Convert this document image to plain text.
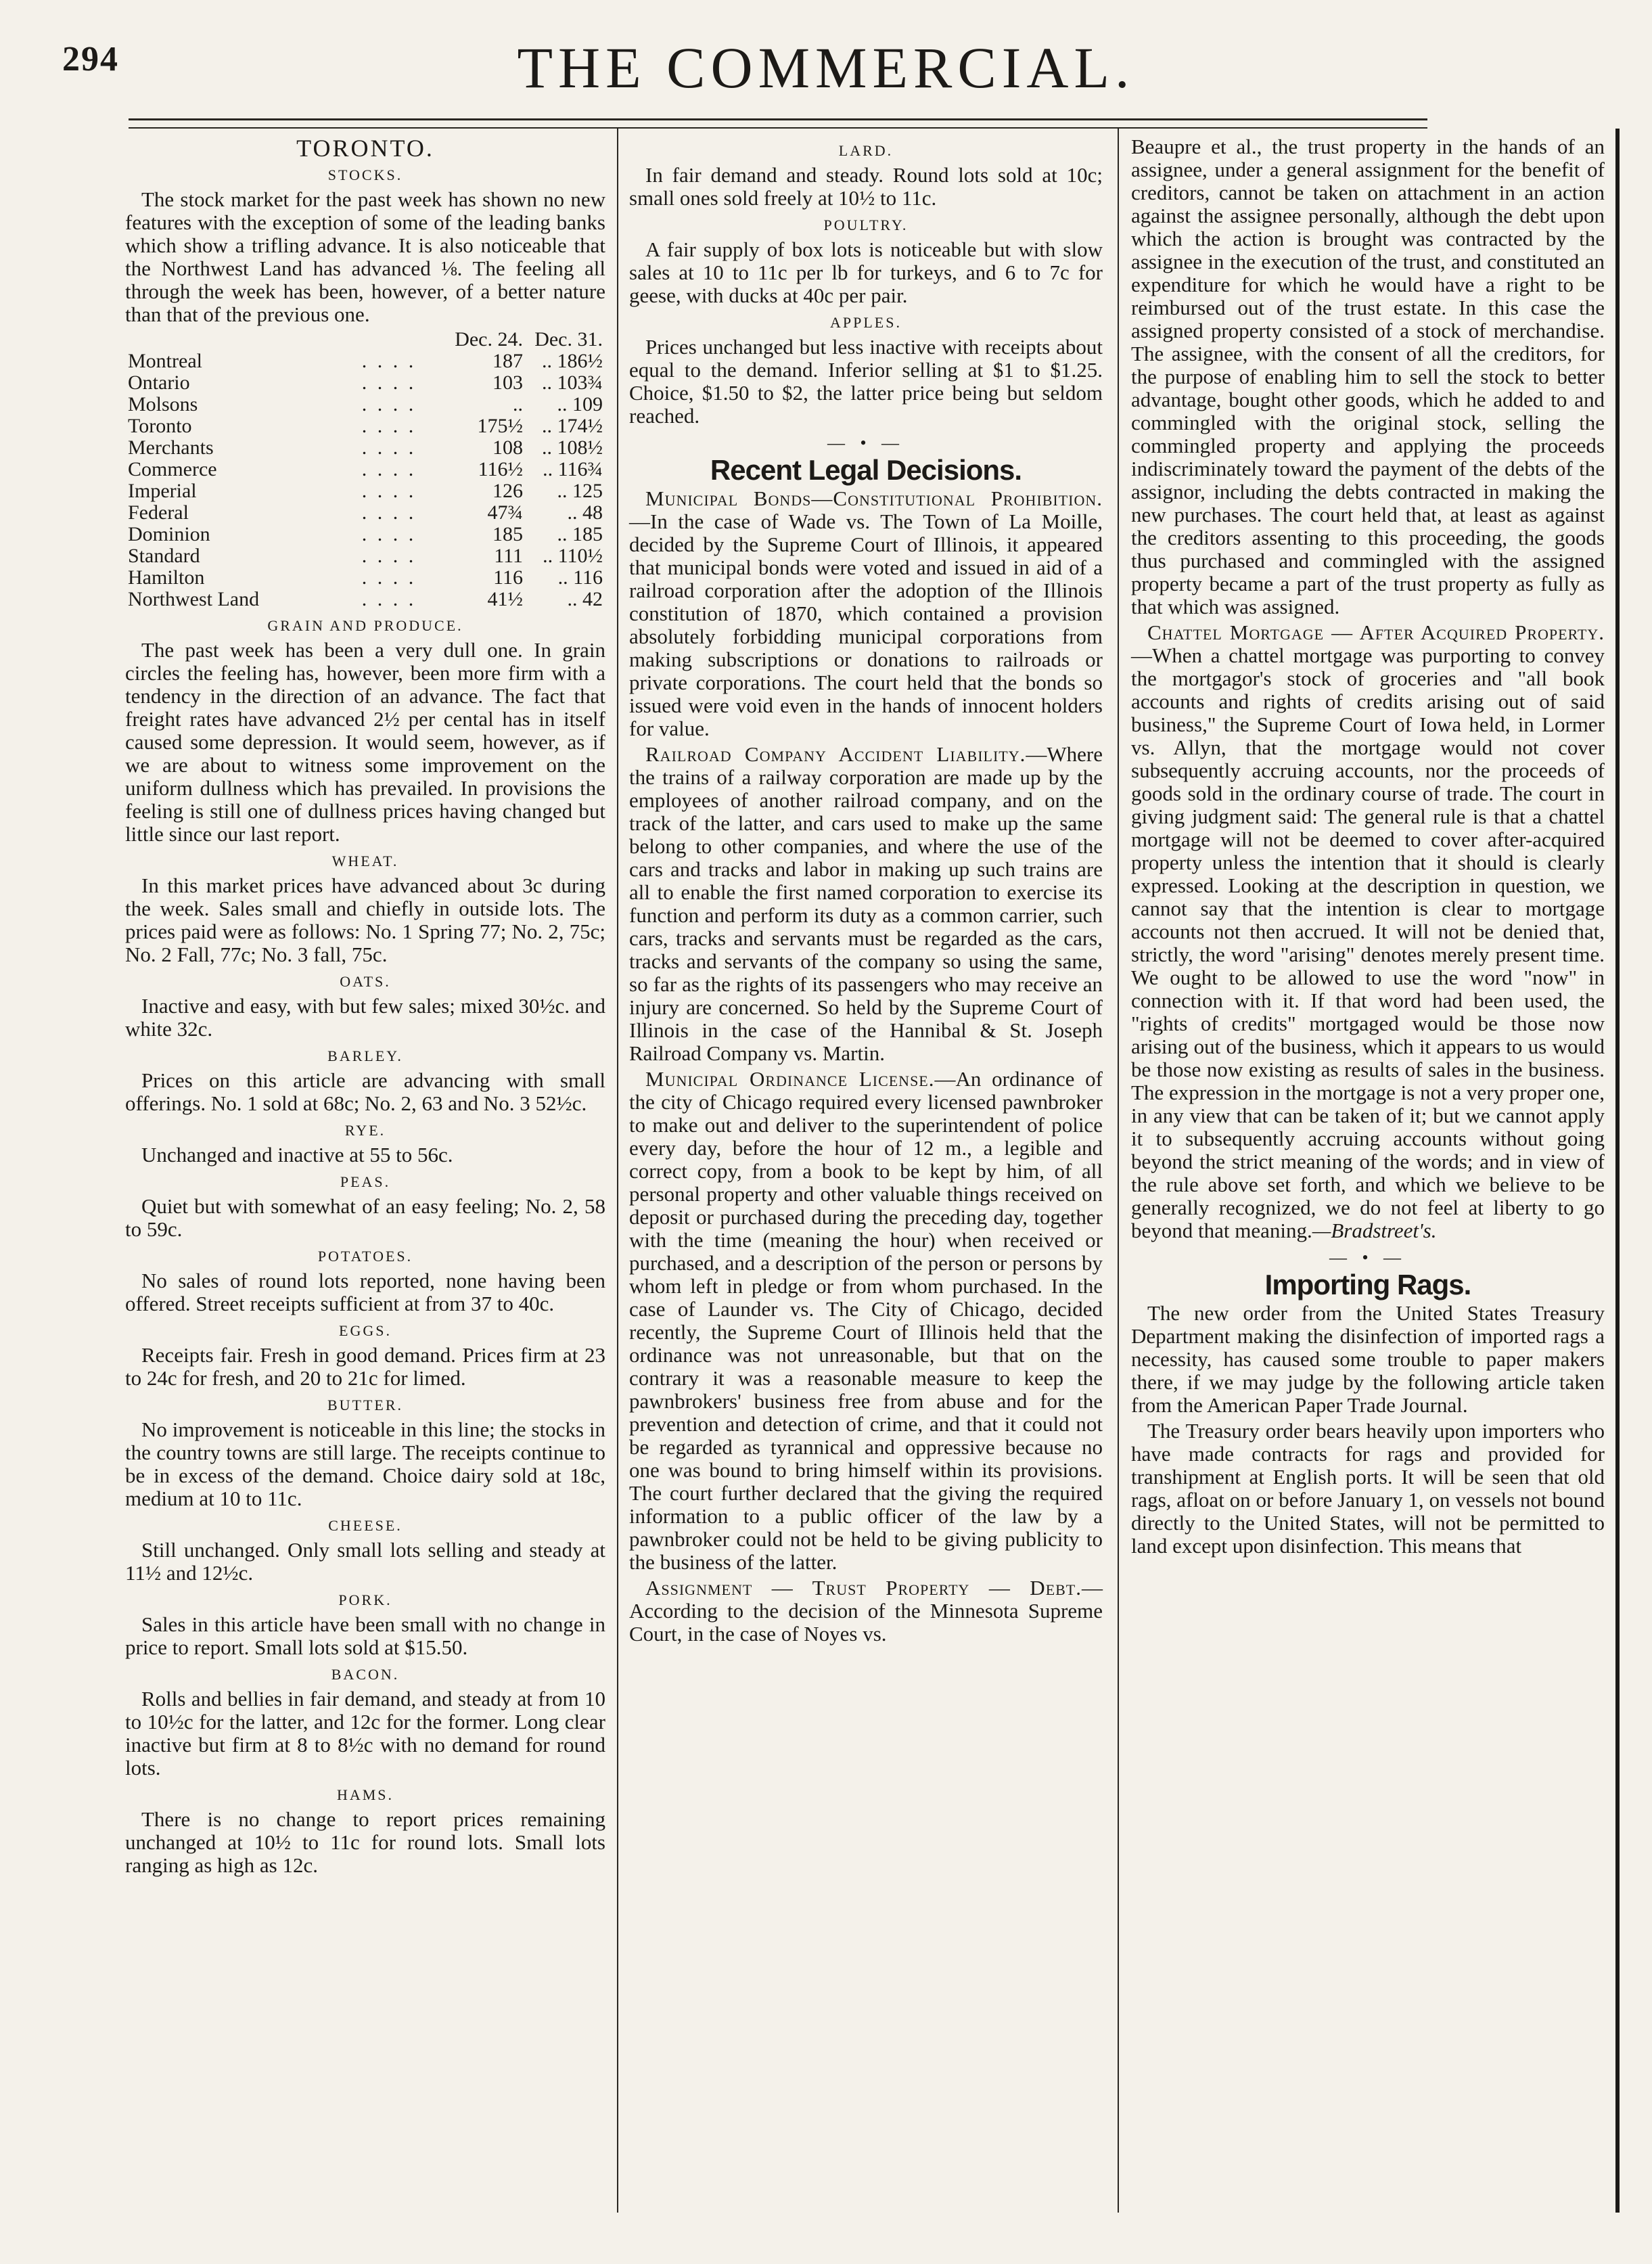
294	THE COMMERCIAL.
TORONTO.
STOCKS.

The stock market for the past week has shown no new features with the exception of some of the leading banks which show a trifling advance. It is also noticeable that the Northwest Land has advanced ⅛. The feeling all through the week has been, however, of a better nature than that of the previous one.

		Dec. 24.	Dec. 31.
Montreal	. . . .	187	.. 186½
Ontario	. . . .	103	.. 103¾
Molsons	. . . .	..	.. 109
Toronto	. . . .	175½	.. 174½
Merchants	. . . .	108	.. 108½
Commerce	. . . .	116½	.. 116¾
Imperial	. . . .	126	.. 125
Federal	. . . .	47¾	.. 48
Dominion	. . . .	185	.. 185
Standard	. . . .	111	.. 110½
Hamilton	. . . .	116	.. 116
Northwest Land	. . . .	41½	.. 42
GRAIN AND PRODUCE.

The past week has been a very dull one. In grain circles the feeling has, however, been more firm with a tendency in the direction of an advance. The fact that freight rates have advanced 2½ per cental has in itself caused some depression. It would seem, however, as if we are about to witness some improvement on the uniform dullness which has prevailed. In provisions the feeling is still one of dullness prices having changed but little since our last report.

WHEAT.

In this market prices have advanced about 3c during the week. Sales small and chiefly in outside lots. The prices paid were as follows: No. 1 Spring 77; No. 2, 75c; No. 2 Fall, 77c; No. 3 fall, 75c.

OATS.

Inactive and easy, with but few sales; mixed 30½c. and white 32c.

BARLEY.

Prices on this article are advancing with small offerings. No. 1 sold at 68c; No. 2, 63 and No. 3 52½c.

RYE.

Unchanged and inactive at 55 to 56c.

PEAS.

Quiet but with somewhat of an easy feeling; No. 2, 58 to 59c.

POTATOES.

No sales of round lots reported, none having been offered. Street receipts sufficient at from 37 to 40c.

EGGS.

Receipts fair. Fresh in good demand. Prices firm at 23 to 24c for fresh, and 20 to 21c for limed.

BUTTER.

No improvement is noticeable in this line; the stocks in the country towns are still large. The receipts continue to be in excess of the demand. Choice dairy sold at 18c, medium at 10 to 11c.

CHEESE.

Still unchanged. Only small lots selling and steady at 11½ and 12½c.

PORK.

Sales in this article have been small with no change in price to report. Small lots sold at $15.50.

BACON.

Rolls and bellies in fair demand, and steady at from 10 to 10½c for the latter, and 12c for the former. Long clear inactive but firm at 8 to 8½c with no demand for round lots.

HAMS.

There is no change to report prices remaining unchanged at 10½ to 11c for round lots. Small lots ranging as high as 12c.

LARD.

In fair demand and steady. Round lots sold at 10c; small ones sold freely at 10½ to 11c.

POULTRY.

A fair supply of box lots is noticeable but with slow sales at 10 to 11c per lb for turkeys, and 6 to 7c for geese, with ducks at 40c per pair.

APPLES.

Prices unchanged but less inactive with receipts about equal to the demand. Inferior selling at $1 to $1.25. Choice, $1.50 to $2, the latter price being but seldom reached.

— • —
Recent Legal Decisions.

Municipal Bonds—Constitutional Prohibition.—In the case of Wade vs. The Town of La Moille, decided by the Supreme Court of Illinois, it appeared that municipal bonds were voted and issued in aid of a railroad corporation after the adoption of the Illinois constitution of 1870, which contained a provision absolutely forbidding municipal corporations from making subscriptions or donations to railroads or private corporations. The court held that the bonds so issued were void even in the hands of innocent holders for value.

Railroad Company Accident Liability.—Where the trains of a railway corporation are made up by the employees of another railroad company, and on the track of the latter, and cars used to make up the same belong to other companies, and where the use of the cars and tracks and labor in making up such trains are all to enable the first named corporation to exercise its function and perform its duty as a common carrier, such cars, tracks and servants must be regarded as the cars, tracks and servants of the company so using the same, so far as the rights of its passengers who may receive an injury are concerned. So held by the Supreme Court of Illinois in the case of the Hannibal & St. Joseph Railroad Company vs. Martin.

Municipal Ordinance License.—An ordinance of the city of Chicago required every licensed pawnbroker to make out and deliver to the superintendent of police every day, before the hour of 12 m., a legible and correct copy, from a book to be kept by him, of all personal property and other valuable things received on deposit or purchased during the preceding day, together with the time (meaning the hour) when received or purchased, and a description of the person or persons by whom left in pledge or from whom purchased. In the case of Launder vs. The City of Chicago, decided recently, the Supreme Court of Illinois held that the ordinance was not unreasonable, but that on the contrary it was a reasonable measure to keep the pawnbrokers' business free from abuse and for the prevention and detection of crime, and that it could not be regarded as tyrannical and oppressive because no one was bound to bring himself within its provisions. The court further declared that the giving the required information to a public officer of the law by a pawnbroker could not be held to be giving publicity to the business of the latter.

Assignment — Trust Property — Debt.—According to the decision of the Minnesota Supreme Court, in the case of Noyes vs.

Beaupre et al., the trust property in the hands of an assignee, under a general assignment for the benefit of creditors, cannot be taken on attachment in an action against the assignee personally, although the debt upon which the action is brought was contracted by the assignee in the execution of the trust, and constituted an expenditure for which he would have a right to be reimbursed out of the trust estate. In this case the assigned property consisted of a stock of merchandise. The assignee, with the consent of all the creditors, for the purpose of enabling him to sell the stock to better advantage, bought other goods, which he added to and commingled with the original stock, selling the commingled property and applying the proceeds indiscriminately toward the payment of the debts of the assignor, including the debts contracted in making the new purchases. The court held that, at least as against the creditors assenting to this proceeding, the goods thus purchased and commingled with the assigned property became a part of the trust property as fully as that which was assigned.

Chattel Mortgage — After Acquired Property.—When a chattel mortgage was purporting to convey the mortgagor's stock of groceries and "all book accounts and rights of credits arising out of said business," the Supreme Court of Iowa held, in Lormer vs. Allyn, that the mortgage would not cover subsequently accruing accounts, nor the proceeds of goods sold in the ordinary course of trade. The court in giving judgment said: The general rule is that a chattel mortgage will not be deemed to cover after-acquired property unless the intention that it should is clearly expressed. Looking at the description in question, we cannot say that the intention is clear to mortgage accounts not then accrued. It will not be denied that, strictly, the word "arising" denotes merely present time. We ought to be allowed to use the word "now" in connection with it. If that word had been used, the "rights of credits" mortgaged would be those now arising out of the business, which it appears to us would be those now existing as results of sales in the business. The expression in the mortgage is not a very proper one, in any view that can be taken of it; but we cannot apply it to subsequently accruing accounts without going beyond the strict meaning of the words; and in view of the rule above set forth, and which we believe to be generally recognized, we do not feel at liberty to go beyond that meaning.—Bradstreet's.

— • —
Importing Rags.

The new order from the United States Treasury Department making the disinfection of imported rags a necessity, has caused some trouble to paper makers there, if we may judge by the following article taken from the American Paper Trade Journal.

The Treasury order bears heavily upon importers who have made contracts for rags and provided for transhipment at English ports. It will be seen that old rags, afloat on or before January 1, on vessels not bound directly to the United States, will not be permitted to land except upon disinfection. This means that
